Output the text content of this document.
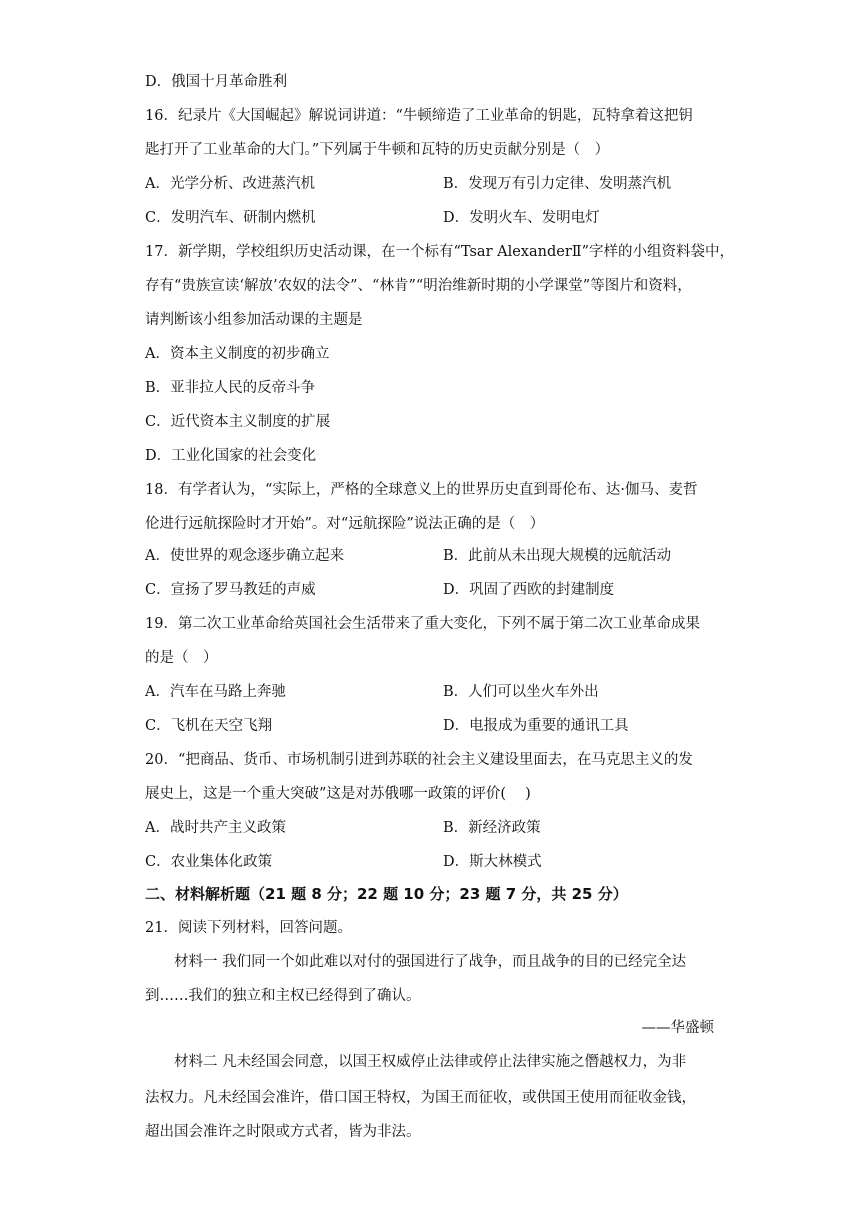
D．俄国十月革命胜利
16．纪录片《大国崛起》解说词讲道：“牛顿缔造了工业革命的钥匙，瓦特拿着这把钥
匙打开了工业革命的大门。”下列属于牛顿和瓦特的历史贡献分别是（　）
A．光学分析、改进蒸汽机	B．发现万有引力定律、发明蒸汽机
C．发明汽车、研制内燃机	D．发明火车、发明电灯
17．新学期，学校组织历史活动课，在一个标有“Tsar AlexanderⅡ”字样的小组资料袋中，
存有“贵族宣读‘解放’农奴的法令”、“林肯”“明治维新时期的小学课堂”等图片和资料，
请判断该小组参加活动课的主题是
A．资本主义制度的初步确立
B．亚非拉人民的反帝斗争
C．近代资本主义制度的扩展
D．工业化国家的社会变化
18．有学者认为，“实际上，严格的全球意义上的世界历史直到哥伦布、达·伽马、麦哲
伦进行远航探险时才开始”。对“远航探险”说法正确的是（　）
A．使世界的观念逐步确立起来	B．此前从未出现大规模的远航活动
C．宣扬了罗马教廷的声威	D．巩固了西欧的封建制度
19．第二次工业革命给英国社会生活带来了重大变化，下列不属于第二次工业革命成果
的是（　）
A．汽车在马路上奔驰	B．人们可以坐火车外出
C．飞机在天空飞翔	D．电报成为重要的通讯工具
20．“把商品、货币、市场机制引进到苏联的社会主义建设里面去，在马克思主义的发
展史上，这是一个重大突破”这是对苏俄哪一政策的评价(　 )
A．战时共产主义政策	B．新经济政策
C．农业集体化政策	D．斯大林模式
二、材料解析题（21 题 8 分；22 题 10 分；23 题 7 分，共 25 分）
21．阅读下列材料，回答问题。
材料一 我们同一个如此难以对付的强国进行了战争，而且战争的目的已经完全达
到……我们的独立和主权已经得到了确认。
——华盛顿
材料二 凡未经国会同意，以国王权威停止法律或停止法律实施之僭越权力，为非
法权力。凡未经国会准许，借口国王特权，为国王而征收，或供国王使用而征收金钱，
超出国会准许之时限或方式者，皆为非法。
